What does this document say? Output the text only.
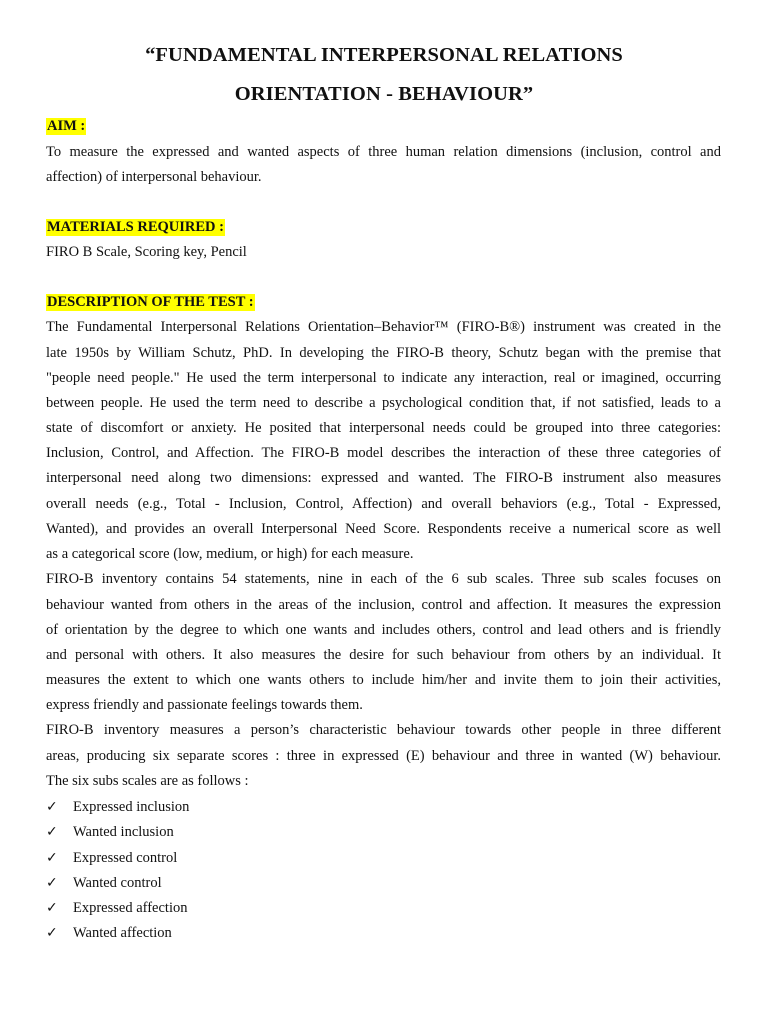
“FUNDAMENTAL INTERPERSONAL RELATIONS
ORIENTATION - BEHAVIOUR”
AIM :
To measure the expressed and wanted aspects of three human relation dimensions (inclusion, control and
affection) of interpersonal behaviour.
MATERIALS REQUIRED :
FIRO B Scale, Scoring key, Pencil
DESCRIPTION OF THE TEST :
The Fundamental Interpersonal Relations Orientation–Behavior™ (FIRO-B®) instrument was created in the
late 1950s by William Schutz, PhD. In developing the FIRO-B theory, Schutz began with the premise that
"people need people." He used the term interpersonal to indicate any interaction, real or imagined, occurring
between people. He used the term need to describe a psychological condition that, if not satisfied, leads to a
state of discomfort or anxiety. He posited that interpersonal needs could be grouped into three categories:
Inclusion, Control, and Affection. The FIRO-B model describes the interaction of these three categories of
interpersonal need along two dimensions: expressed and wanted. The FIRO-B instrument also measures
overall needs (e.g., Total - Inclusion, Control, Affection) and overall behaviors (e.g., Total - Expressed,
Wanted), and provides an overall Interpersonal Need Score. Respondents receive a numerical score as well
as a categorical score (low, medium, or high) for each measure.
FIRO-B inventory contains 54 statements, nine in each of the 6 sub scales. Three sub scales focuses on
behaviour wanted from others in the areas of the inclusion, control and affection. It measures the expression
of orientation by the degree to which one wants and includes others, control and lead others and is friendly
and personal with others. It also measures the desire for such behaviour from others by an individual. It
measures the extent to which one wants others to include him/her and invite them to join their activities,
express friendly and passionate feelings towards them.
FIRO-B inventory measures a person’s characteristic behaviour towards other people in three different
areas, producing six separate scores : three in expressed (E) behaviour and three in wanted (W) behaviour.
The six subs scales are as follows :
✓	Expressed inclusion
✓	Wanted inclusion
✓	Expressed control
✓	Wanted control
✓	Expressed affection
✓	Wanted affection
